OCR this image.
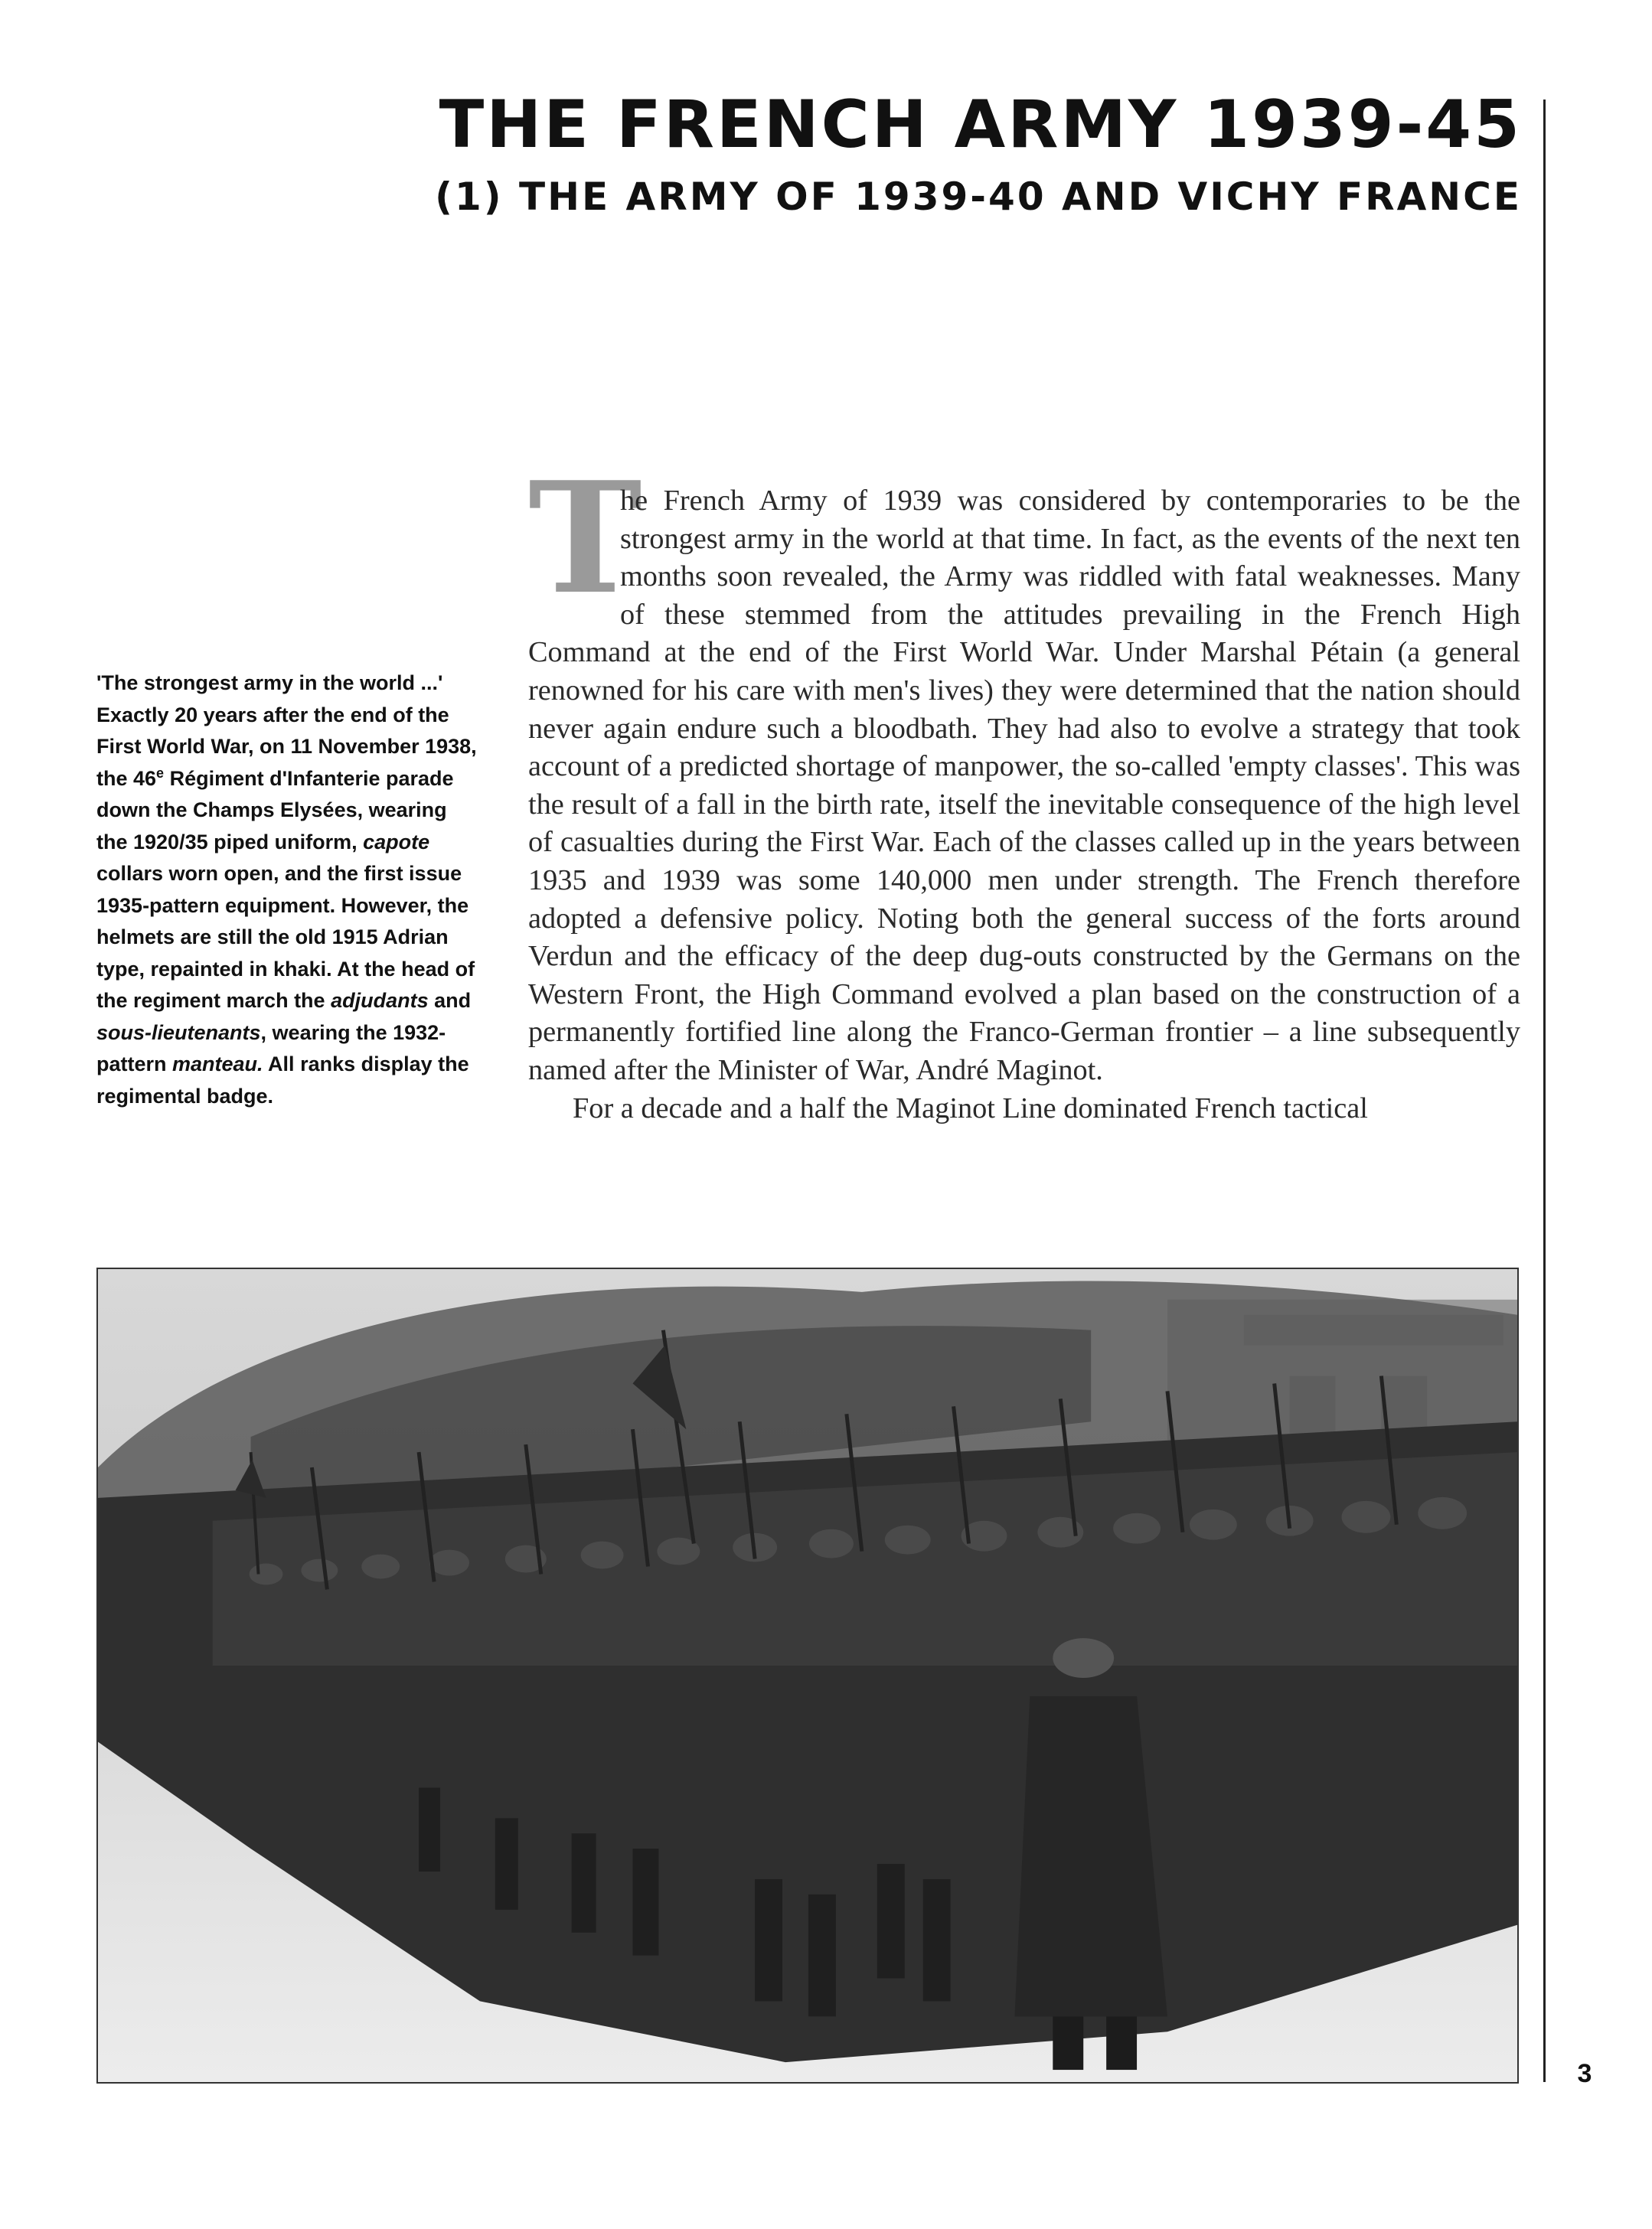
THE FRENCH ARMY 1939-45
(1) THE ARMY OF 1939-40 AND VICHY FRANCE

'The strongest army in the world ...' Exactly 20 years after the end of the First World War, on 11 November 1938, the 46e Régiment d'Infanterie parade down the Champs Elysées, wearing the 1920/35 piped uniform, capote collars worn open, and the first issue 1935-pattern equipment. However, the helmets are still the old 1915 Adrian type, repainted in khaki. At the head of the regiment march the adjudants and sous-lieutenants, wearing the 1932-pattern manteau. All ranks display the regimental badge.

T
he French Army of 1939 was considered by contemporaries to be the strongest army in the world at that time. In fact, as the events of the next ten months soon revealed, the Army was riddled with fatal weaknesses. Many of these stemmed from the attitudes prevailing in the French High Command at the end of the First World War. Under Marshal Pétain (a general renowned for his care with men's lives) they were determined that the nation should never again endure such a bloodbath. They had also to evolve a strategy that took account of a predicted shortage of manpower, the so-called 'empty classes'. This was the result of a fall in the birth rate, itself the inevitable consequence of the high level of casualties during the First War. Each of the classes called up in the years between 1935 and 1939 was some 140,000 men under strength. The French therefore adopted a defensive policy. Noting both the general success of the forts around Verdun and the efficacy of the deep dug-outs constructed by the Germans on the Western Front, the High Command evolved a plan based on the construction of a permanently fortified line along the Franco-German frontier – a line subsequently named after the Minister of War, André Maginot.

For a decade and a half the Maginot Line dominated French tactical

3
